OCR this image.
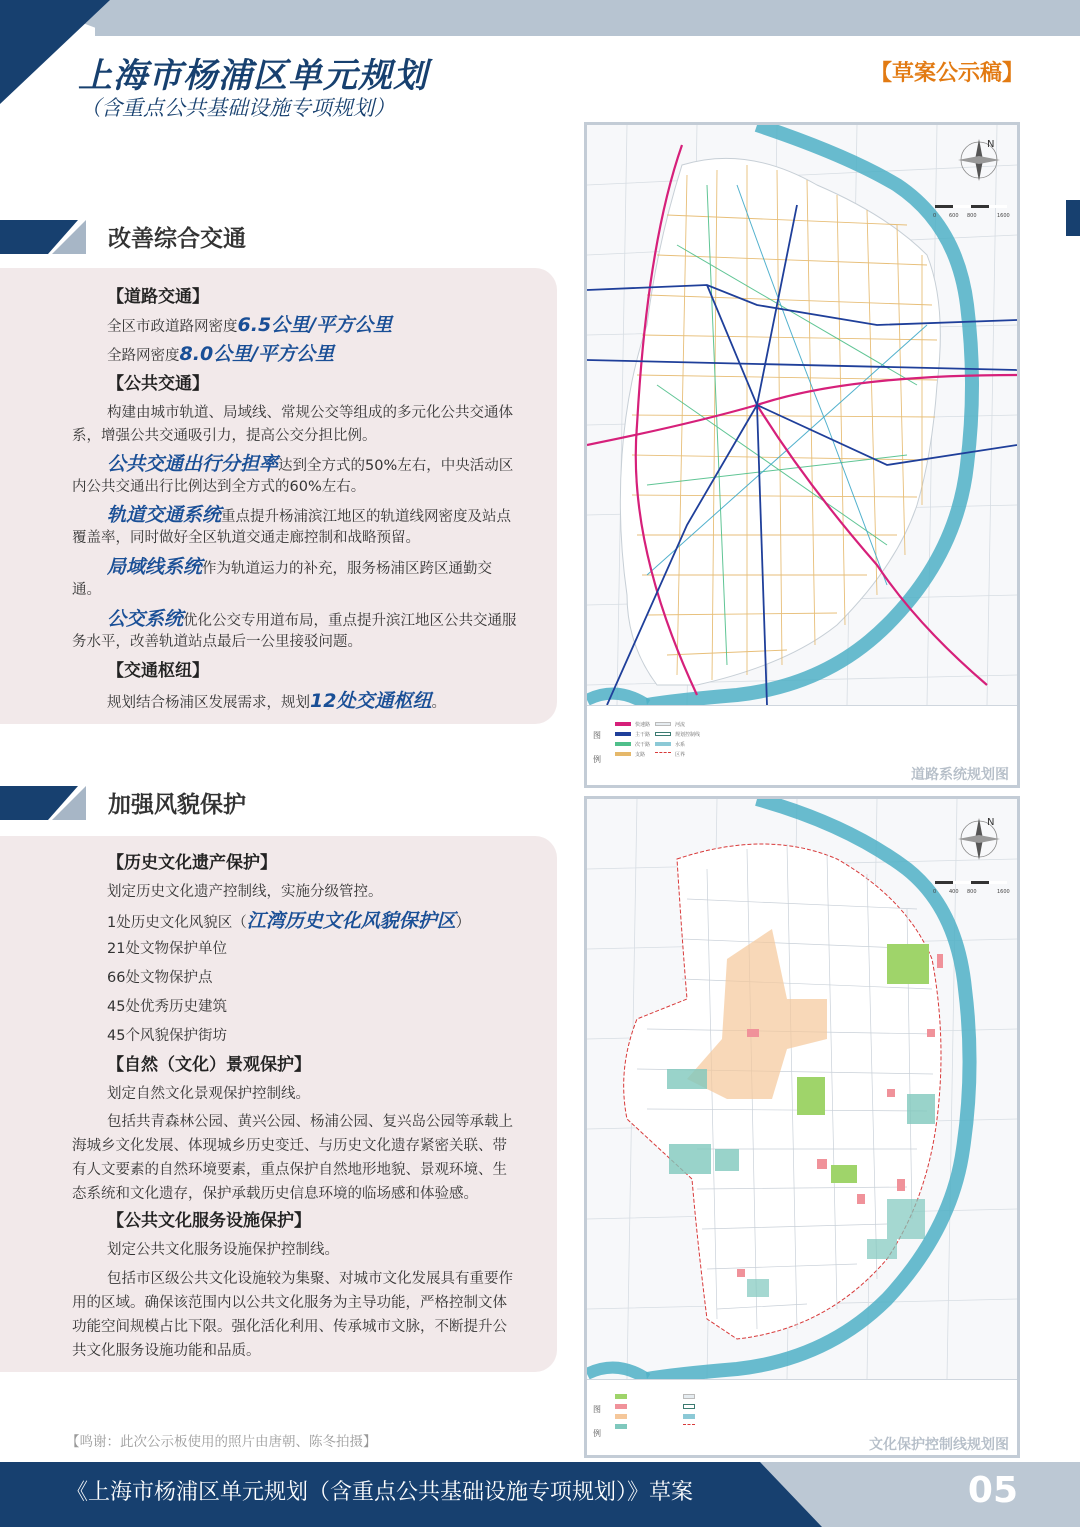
上海市杨浦区单元规划
（含重点公共基础设施专项规划）
【草案公示稿】
改善综合交通
【道路交通】
全区市政道路网密度6.5公里/平方公里
全路网密度8.0公里/平方公里
【公共交通】
构建由城市轨道、局域线、常规公交等组成的多元化公共交通体
系，增强公共交通吸引力，提高公交分担比例。
公共交通出行分担率达到全方式的50%左右，中央活动区
内公共交通出行比例达到全方式的60%左右。
轨道交通系统重点提升杨浦滨江地区的轨道线网密度及站点
覆盖率，同时做好全区轨道交通走廊控制和战略预留。
局域线系统作为轨道运力的补充，服务杨浦区跨区通勤交
通。
公交系统优化公交专用道布局，重点提升滨江地区公共交通服
务水平，改善轨道站点最后一公里接驳问题。
【交通枢纽】
规划结合杨浦区发展需求，规划12处交通枢纽。
加强风貌保护
【历史文化遗产保护】
划定历史文化遗产控制线，实施分级管控。
1处历史文化风貌区（江湾历史文化风貌保护区）
21处文物保护单位
66处文物保护点
45处优秀历史建筑
45个风貌保护街坊
【自然（文化）景观保护】
划定自然文化景观保护控制线。
包括共青森林公园、黄兴公园、杨浦公园、复兴岛公园等承载上
海城乡文化发展、体现城乡历史变迁、与历史文化遗存紧密关联、带
有人文要素的自然环境要素，重点保护自然地形地貌、景观环境、生
态系统和文化遗存，保护承载历史信息环境的临场感和体验感。
【公共文化服务设施保护】
划定公共文化服务设施保护控制线。
包括市区级公共文化设施较为集聚、对城市文化发展具有重要作
用的区域。确保该范围内以公共文化服务为主导功能，严格控制文体
功能空间规模占比下限。强化活化利用、传承城市文脉，不断提升公
共文化服务设施功能和品质。
N
0	600 800	1600
图
例
快速路
主干路
次干路
支路
河流
规划控制线
水系
区界
道路系统规划图
N
0	400 800	1600
图
例
文化保护控制线规划图
【鸣谢：此次公示板使用的照片由唐朝、陈冬拍摄】
《上海市杨浦区单元规划（含重点公共基础设施专项规划）》草案	05
